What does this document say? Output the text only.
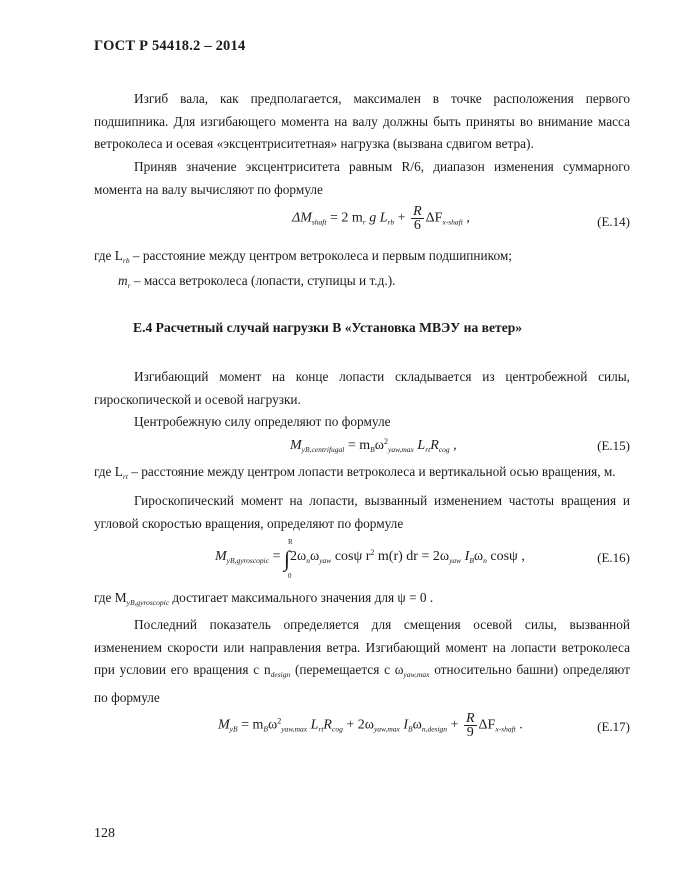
ГОСТ Р 54418.2 – 2014
Изгиб вала, как предполагается, максимален в точке расположения первого подшипника. Для изгибающего момента на валу должны быть приняты во внимание масса ветроколеса и осевая «эксцентриситетная» нагрузка (вызвана сдвигом ветра).
Приняв значение эксцентриситета равным R/6, диапазон изменения суммарного момента на валу вычисляют по формуле
$\Delta M_{shaft} = 2$ $m_r$ g $L_{rb} + \frac{R}{6} \Delta F_{x-shaft}$ ,	(E.14)
где $L_{rb}$ – расстояние между центром ветроколеса и первым подшипником;
$m_r$ – масса ветроколеса (лопасти, ступицы и т.д.).
E.4 Расчетный случай нагрузки B «Установка МВЭУ на ветер»
Изгибающий момент на конце лопасти складывается из центробежной силы, гироскопической и осевой нагрузки.
Центробежную силу определяют по формуле
$M_{yB,centrifugal} = m_B\omega^2_{yaw,max}$ $L_{rt}R_{cog}$ ,	(E.15)
где $L_{rt}$ – расстояние между центром лопасти ветроколеса и вертикальной осью вращения, м.
Гироскопический момент на лопасти, вызванный изменением частоты вращения и угловой скоростью вращения, определяют по формуле
$M_{yB,gyroscopic}$ = ∫
R
0
$2\omega_n\omega_{yaw}$ cosψ $r^2$ m(r) dr = $2\omega_{yaw}$ $I_B\omega_n$ cosψ ,	(E.16)
где $M_{yB,gyroscopic}$ достигает максимального значения для ψ = 0 .
Последний показатель определяется для смещения осевой силы, вызванной изменением скорости или направления ветра. Изгибающий момент на лопасти ветроколеса при условии его вращения с $n_{design}$ (перемещается с $\omega_{yaw,max}$ относительно башни) определяют по формуле
$M_{yB} = m_B\omega^2_{yaw,max}$ $L_{rt}R_{cog} + 2\omega_{yaw,max}$ $I_B\omega_{n,design} + \frac{R}{9} \Delta F_{x-shaft}$ .	(E.17)
128
